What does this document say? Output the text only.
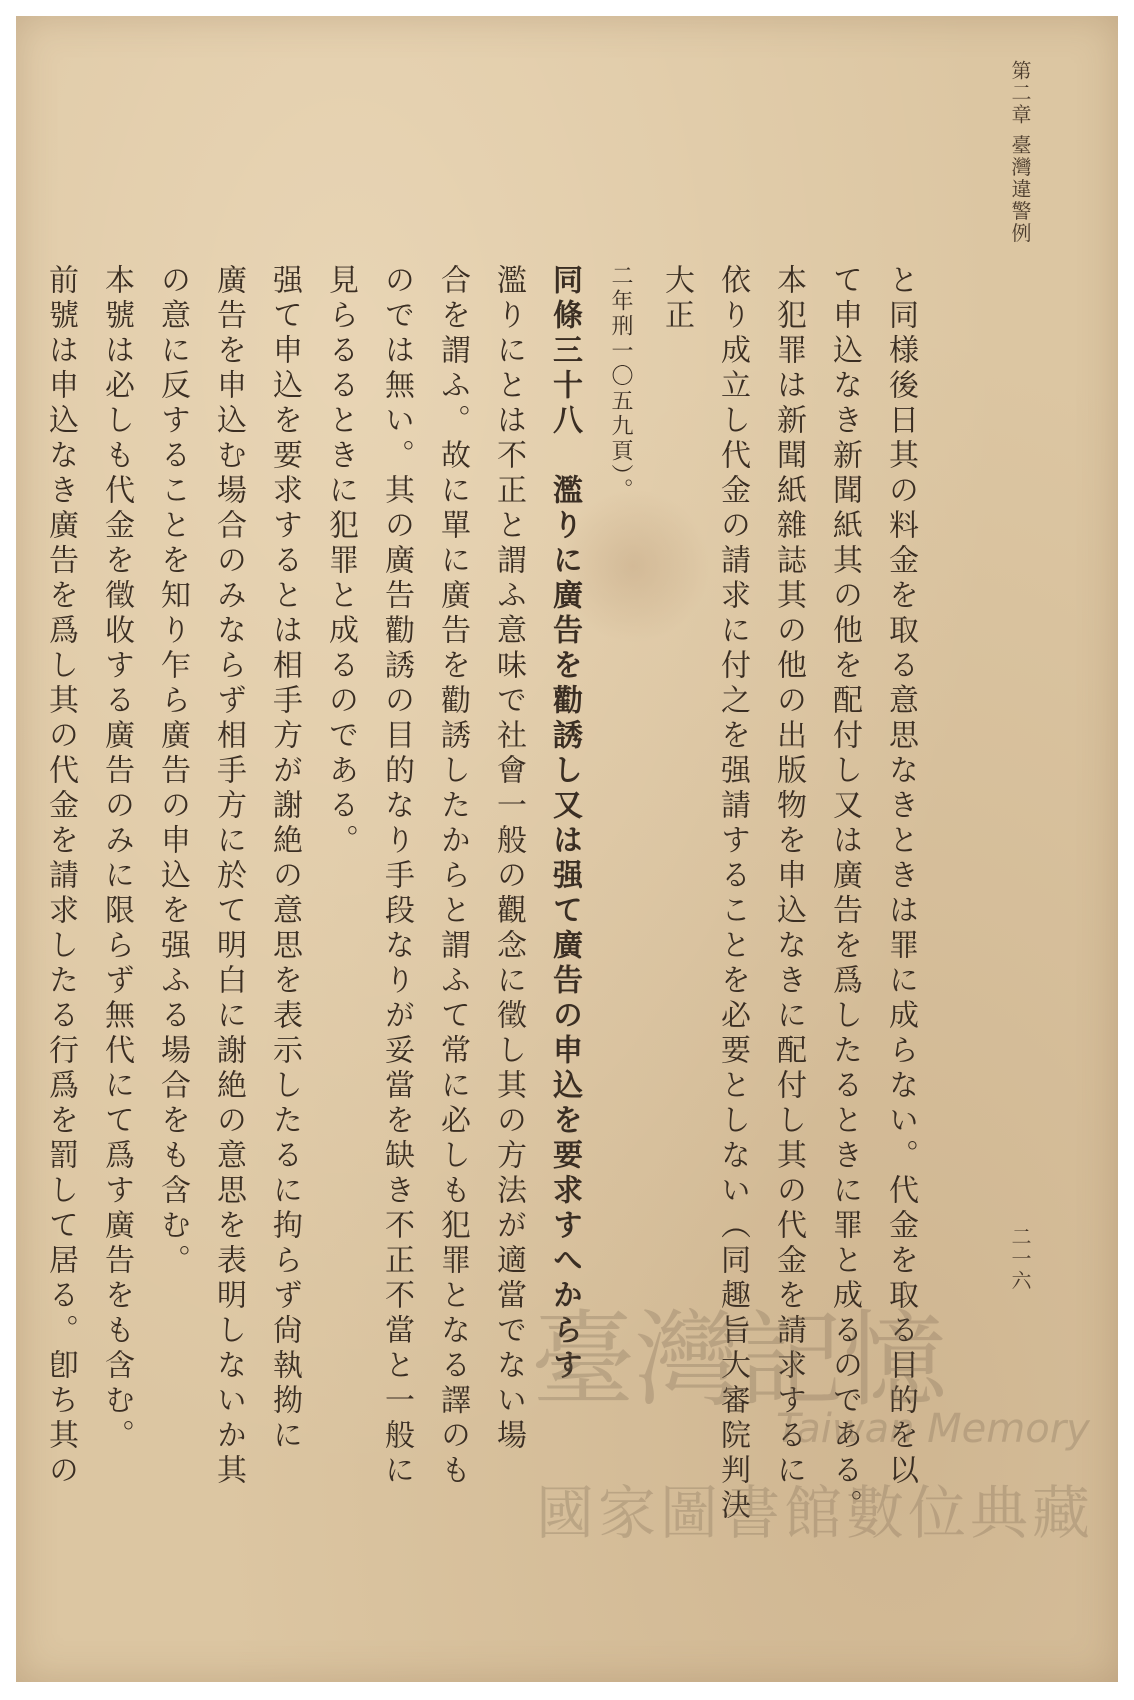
第二章 臺灣違警例
二一六
と同様後日其の料金を取る意思なきときは罪に成らない。代金を取る目的を以
て申込なき新聞紙其の他を配付し又は廣告を爲したるときに罪と成るのである。
本犯罪は新聞紙雜誌其の他の出版物を申込なきに配付し其の代金を請求するに
依り成立し代金の請求に付之を强請することを必要としない（同趣旨大審院判決大正
二年刑一〇五九頁）。
同條三十八　濫りに廣告を勸誘し又は强て廣告の申込を要求すへからす
濫りにとは不正と謂ふ意味で社會一般の觀念に徵し其の方法が適當でない場
合を謂ふ。故に單に廣告を勸誘したからと謂ふて常に必しも犯罪となる譯のも
のでは無い。其の廣告勸誘の目的なり手段なりが妥當を缺き不正不當と一般に
見らるるときに犯罪と成るのである。
强て申込を要求するとは相手方が謝絶の意思を表示したるに拘らず尙執拗に
廣告を申込む場合のみならず相手方に於て明白に謝絶の意思を表明しないか其
の意に反することを知り乍ら廣告の申込を强ふる場合をも含む。
本號は必しも代金を徵收する廣告のみに限らず無代にて爲す廣告をも含む。
前號は申込なき廣告を爲し其の代金を請求したる行爲を罰して居る。卽ち其の	臺灣記憶
Taiwan Memory
國家圖書館數位典藏
